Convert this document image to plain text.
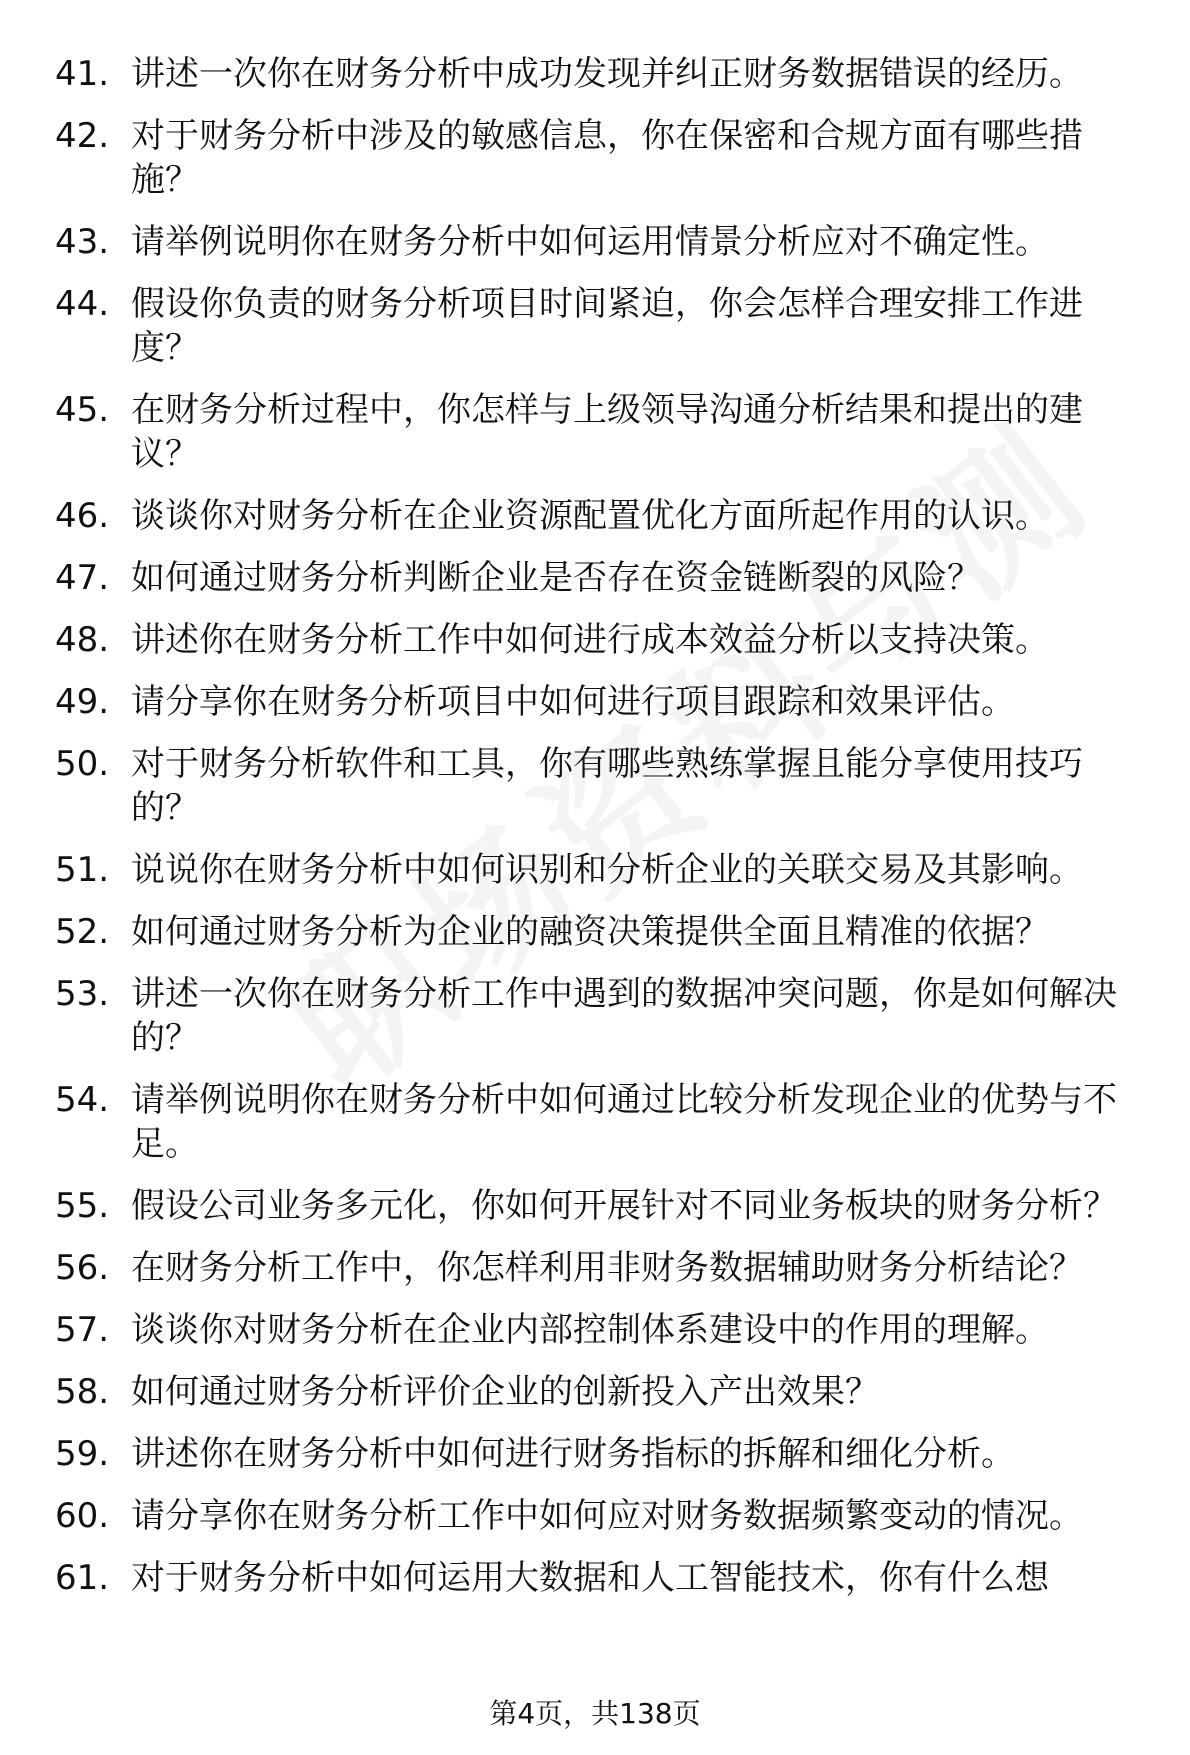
41. 讲述一次你在财务分析中成功发现并纠正财务数据错误的经历。
42. 对于财务分析中涉及的敏感信息，你在保密和合规方面有哪些措施？
43. 请举例说明你在财务分析中如何运用情景分析应对不确定性。
44. 假设你负责的财务分析项目时间紧迫，你会怎样合理安排工作进度？
45. 在财务分析过程中，你怎样与上级领导沟通分析结果和提出的建议？
46. 谈谈你对财务分析在企业资源配置优化方面所起作用的认识。
47. 如何通过财务分析判断企业是否存在资金链断裂的风险？
48. 讲述你在财务分析工作中如何进行成本效益分析以支持决策。
49. 请分享你在财务分析项目中如何进行项目跟踪和效果评估。
50. 对于财务分析软件和工具，你有哪些熟练掌握且能分享使用技巧的？
51. 说说你在财务分析中如何识别和分析企业的关联交易及其影响。
52. 如何通过财务分析为企业的融资决策提供全面且精准的依据？
53. 讲述一次你在财务分析工作中遇到的数据冲突问题，你是如何解决的？
54. 请举例说明你在财务分析中如何通过比较分析发现企业的优势与不足。
55. 假设公司业务多元化，你如何开展针对不同业务板块的财务分析？
56. 在财务分析工作中，你怎样利用非财务数据辅助财务分析结论？
57. 谈谈你对财务分析在企业内部控制体系建设中的作用的理解。
58. 如何通过财务分析评价企业的创新投入产出效果？
59. 讲述你在财务分析中如何进行财务指标的拆解和细化分析。
60. 请分享你在财务分析工作中如何应对财务数据频繁变动的情况。
61. 对于财务分析中如何运用大数据和人工智能技术，你有什么想
第4页，共138页
